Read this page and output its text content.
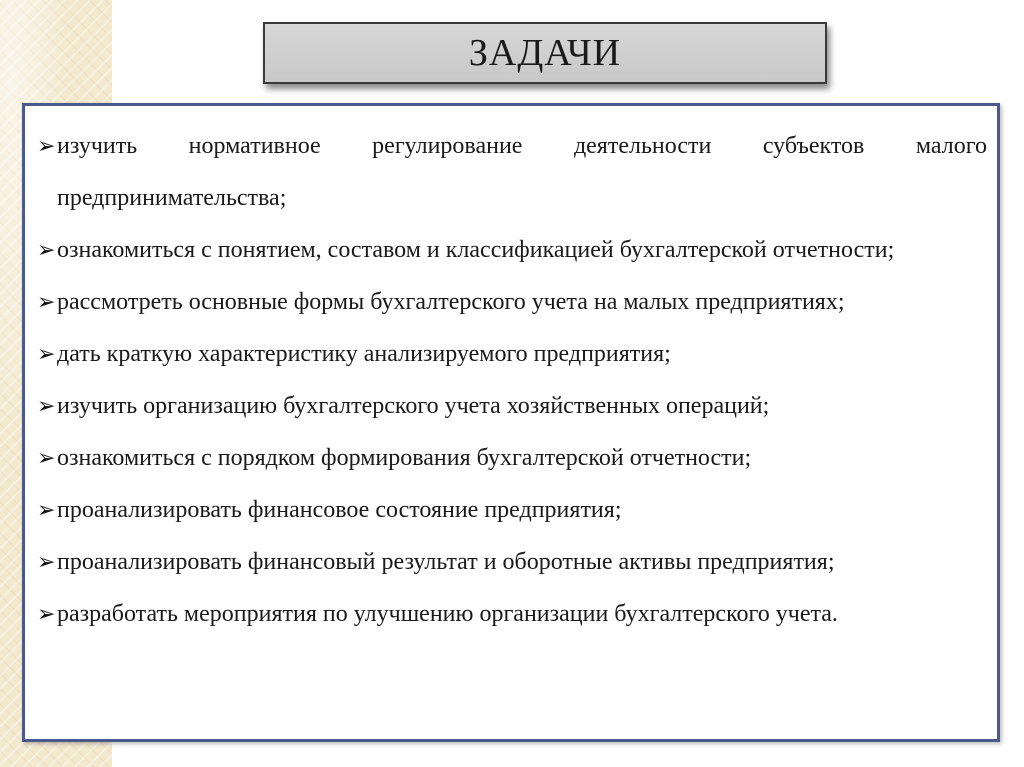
ЗАДАЧИ
➢ изучить нормативное регулирование деятельности субъектов малого предпринимательства;
➢ ознакомиться с понятием, составом и классификацией бухгалтерской отчетности;
➢ рассмотреть основные формы бухгалтерского учета на малых предприятиях;
➢ дать краткую характеристику анализируемого предприятия;
➢ изучить организацию бухгалтерского учета хозяйственных операций;
➢ ознакомиться с порядком формирования бухгалтерской отчетности;
➢ проанализировать финансовое состояние предприятия;
➢ проанализировать финансовый результат и оборотные активы предприятия;
➢ разработать мероприятия по улучшению организации бухгалтерского учета.
